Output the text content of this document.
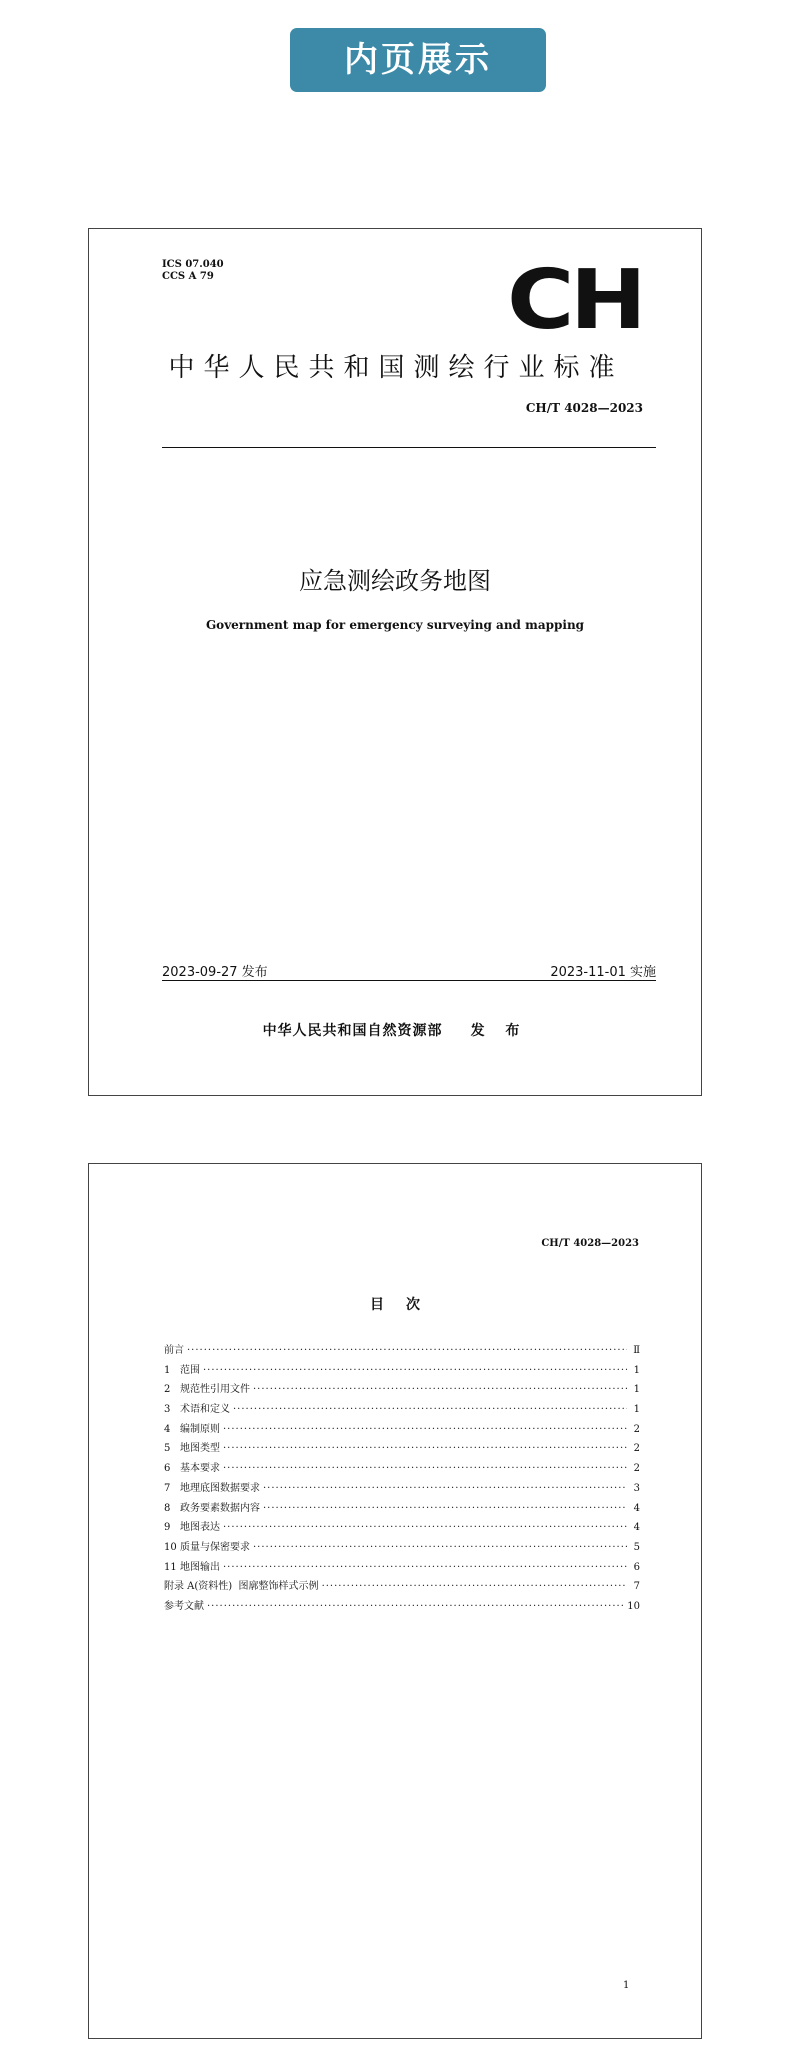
内页展示
ICS 07.040
CCS A 79	CH
中华人民共和国测绘行业标准
CH/T 4028—2023
应急测绘政务地图
Government map for emergency surveying and mapping
2023-09-27 发布	2023-11-01 实施
中华人民共和国自然资源部 发 布
CH/T 4028—2023
目次
前言 ·····	Ⅱ
1 范围 ·····	1
2 规范性引用文件 ·····	1
3 术语和定义 ·····	1
4 编制原则 ·····	2
5 地图类型 ·····	2
6 基本要求 ·····	2
7 地理底图数据要求 ·····	3
8 政务要素数据内容 ·····	4
9 地图表达 ·····	4
10 质量与保密要求 ·····	5
11 地图输出 ·····	6
附录 A(资料性)  图廓整饰样式示例 ·····	7
参考文献 ·····	10
1
